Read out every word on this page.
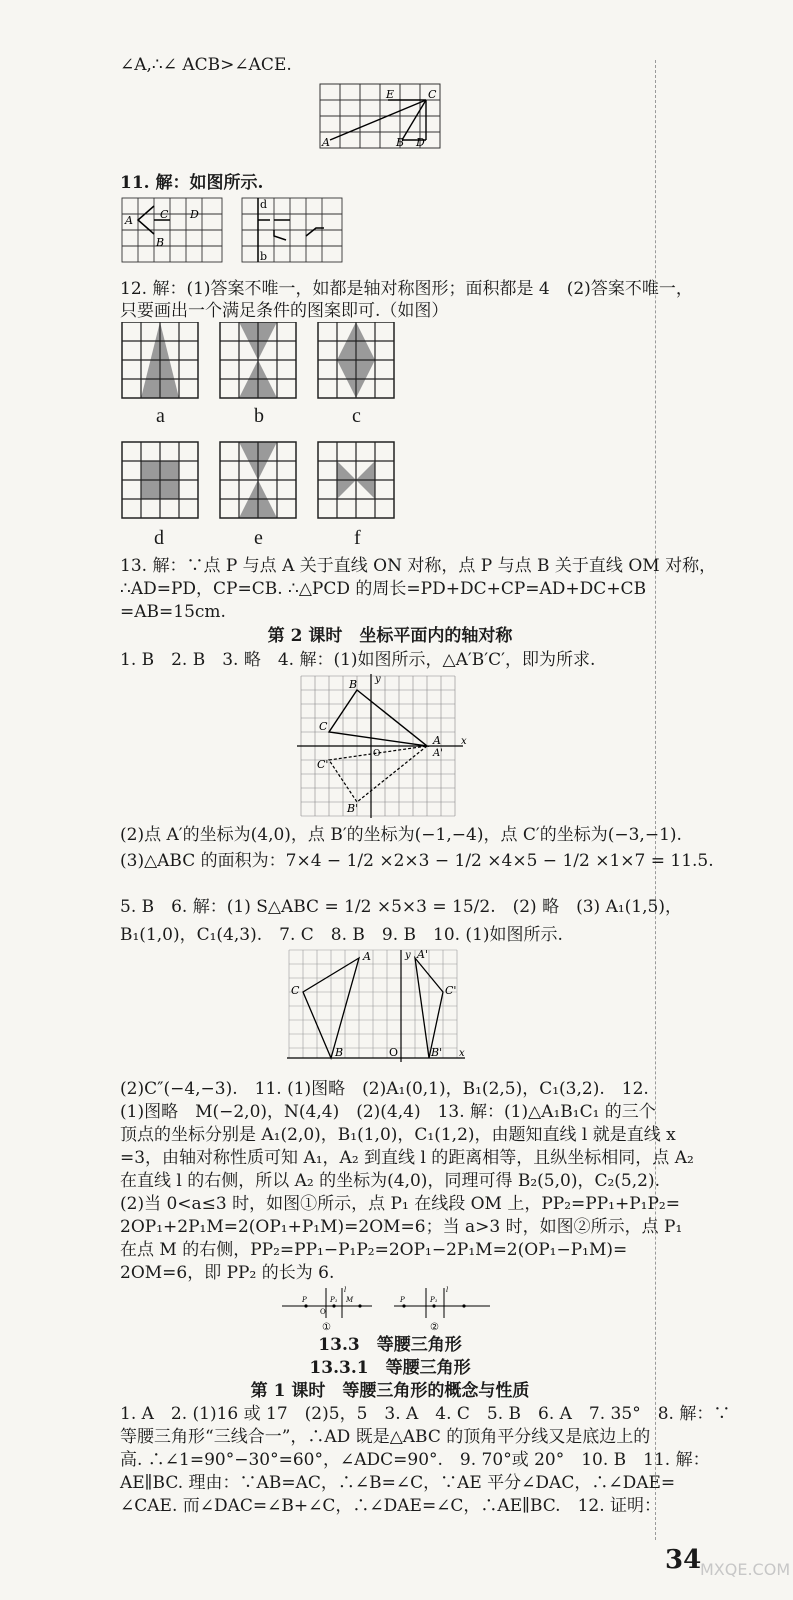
∠A,∴∠ ACB>∠ACE.
A	B
C
D
E
11. 解：如图所示.
A
B
C D
d
b
12. 解：(1)答案不唯一，如都是轴对称图形；面积都是 4　(2)答案不唯一，
只要画出一个满足条件的图案即可.（如图）
a	b	c
d	e	f
13. 解：∵点 P 与点 A 关于直线 ON 对称，点 P 与点 B 关于直线 OM 对称，
∴AD=PD，CP=CB. ∴△PCD 的周长=PD+DC+CP=AD+DC+CB
=AB=15cm.
第 2 课时　坐标平面内的轴对称
1. B　2. B　3. 略　4. 解：(1)如图所示，△A′B′C′，即为所求.
A
B
C
A'
B'
C'
x
y
O
(2)点 A′的坐标为(4,0)，点 B′的坐标为(−1,−4)，点 C′的坐标为(−3,−1).
(3)△ABC 的面积为：7×4 − 1/2 ×2×3 − 1/2 ×4×5 − 1/2 ×1×7 = 11.5.
5. B　6. 解：(1) S△ABC = 1/2 ×5×3 = 15/2.　(2) 略　(3) A₁(1,5)，
B₁(1,0)，C₁(4,3).　7. C　8. B　9. B　10. (1)如图所示.
A
B
C
A'
B'
C'
O	x
y
(2)C″(−4,−3).　11. (1)图略　(2)A₁(0,1)，B₁(2,5)，C₁(3,2).　12.
(1)图略　M(−2,0)，N(4,4)　(2)(4,4)　13. 解：(1)△A₁B₁C₁ 的三个
顶点的坐标分别是 A₁(2,0)，B₁(1,0)，C₁(1,2)，由题知直线 l 就是直线 x
=3，由轴对称性质可知 A₁，A₂ 到直线 l 的距离相等，且纵坐标相同，点 A₂
在直线 l 的右侧，所以 A₂ 的坐标为(4,0)，同理可得 B₂(5,0)，C₂(5,2).
(2)当 0<a≤3 时，如图①所示，点 P₁ 在线段 OM 上，PP₂=PP₁+P₁P₂=
2OP₁+2P₁M=2(OP₁+P₁M)=2OM=6；当 a>3 时，如图②所示，点 P₁
在点 M 的右侧，PP₂=PP₁−P₁P₂=2OP₁−2P₁M=2(OP₁−P₁M)=
2OM=6，即 PP₂ 的长为 6.
P	P₁ M
l
O
P	P₁
l
①	②
13.3　等腰三角形
13.3.1　等腰三角形
第 1 课时　等腰三角形的概念与性质
1. A　2. (1)16 或 17　(2)5，5　3. A　4. C　5. B　6. A　7. 35°　8. 解：∵
等腰三角形“三线合一”，∴AD 既是△ABC 的顶角平分线又是底边上的
高. ∴∠1=90°−30°=60°，∠ADC=90°.　9. 70°或 20°　10. B　11. 解：
AE∥BC. 理由：∵AB=AC，∴∠B=∠C，∵AE 平分∠DAC，∴∠DAE=
∠CAE. 而∠DAC=∠B+∠C，∴∠DAE=∠C，∴AE∥BC.　12. 证明：
34
MXQE.COM
